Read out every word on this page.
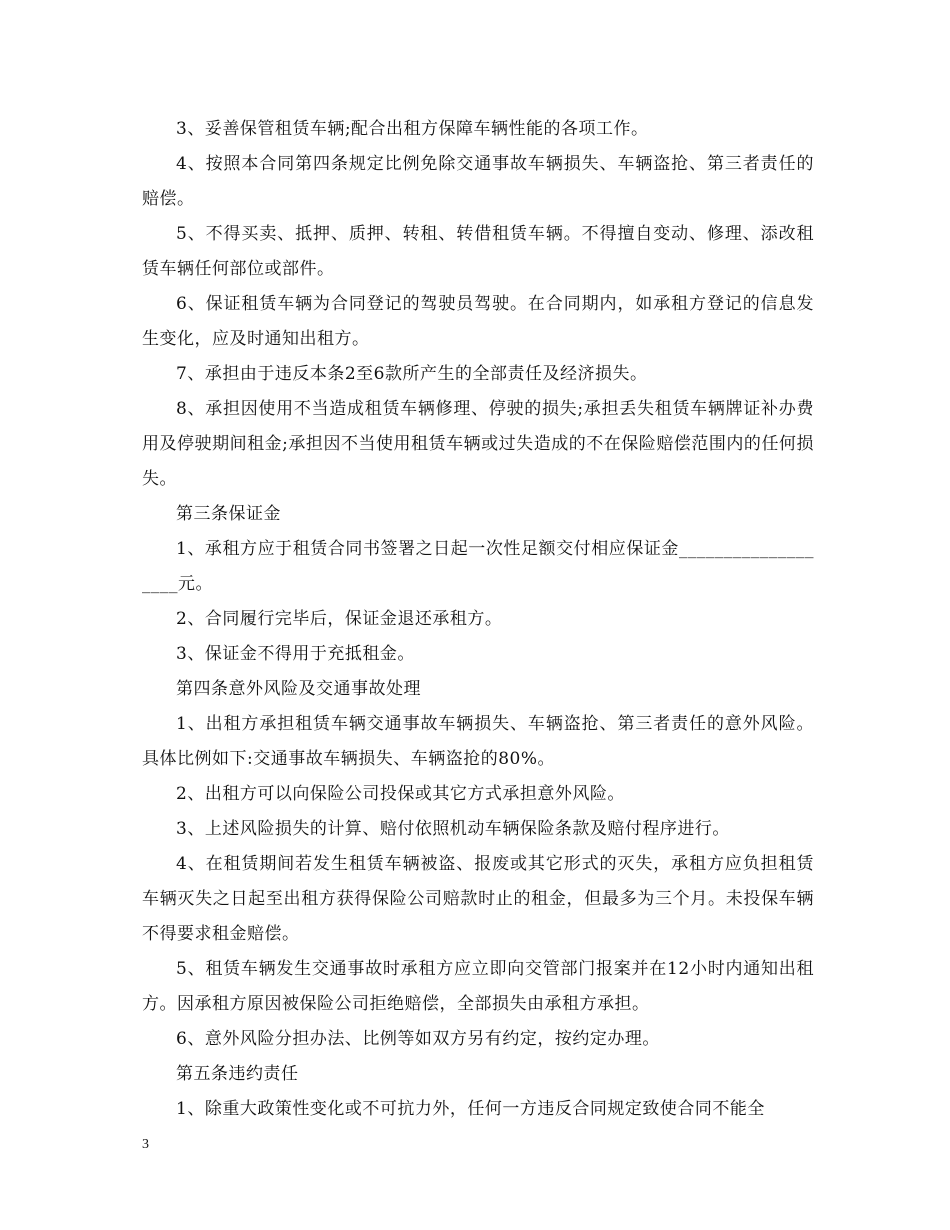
3、妥善保管租赁车辆;配合出租方保障车辆性能的各项工作。

4、按照本合同第四条规定比例免除交通事故车辆损失、车辆盗抢、第三者责任的赔偿。

5、不得买卖、抵押、质押、转租、转借租赁车辆。不得擅自变动、修理、添改租赁车辆任何部位或部件。

6、保证租赁车辆为合同登记的驾驶员驾驶。在合同期内，如承租方登记的信息发生变化，应及时通知出租方。

7、承担由于违反本条2至6款所产生的全部责任及经济损失。

8、承担因使用不当造成租赁车辆修理、停驶的损失;承担丢失租赁车辆牌证补办费用及停驶期间租金;承担因不当使用租赁车辆或过失造成的不在保险赔偿范围内的任何损失。

第三条保证金

1、承租方应于租赁合同书签署之日起一次性足额交付相应保证金___________________元。

2、合同履行完毕后，保证金退还承租方。

3、保证金不得用于充抵租金。

第四条意外风险及交通事故处理

1、出租方承担租赁车辆交通事故车辆损失、车辆盗抢、第三者责任的意外风险。具体比例如下:交通事故车辆损失、车辆盗抢的80%。

2、出租方可以向保险公司投保或其它方式承担意外风险。

3、上述风险损失的计算、赔付依照机动车辆保险条款及赔付程序进行。

4、在租赁期间若发生租赁车辆被盗、报废或其它形式的灭失，承租方应负担租赁车辆灭失之日起至出租方获得保险公司赔款时止的租金，但最多为三个月。未投保车辆不得要求租金赔偿。

5、租赁车辆发生交通事故时承租方应立即向交管部门报案并在12小时内通知出租方。因承租方原因被保险公司拒绝赔偿，全部损失由承租方承担。

6、意外风险分担办法、比例等如双方另有约定，按约定办理。

第五条违约责任

1、除重大政策性变化或不可抗力外，任何一方违反合同规定致使合同不能全

3
